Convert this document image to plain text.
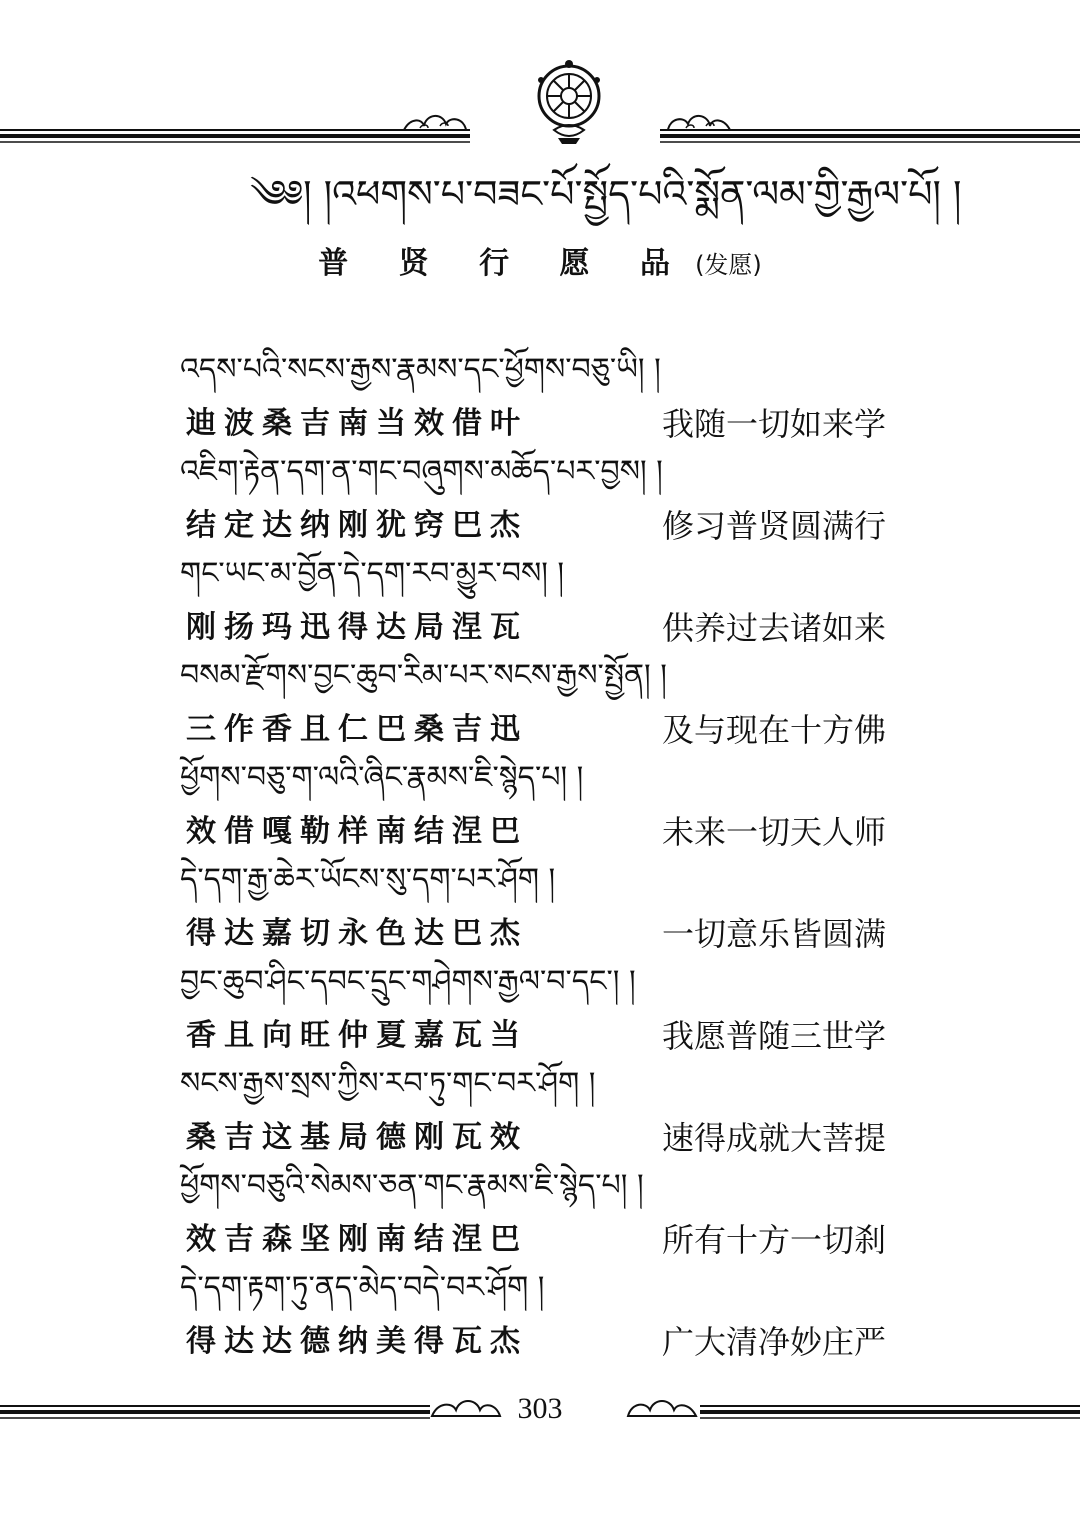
༄༅། །འཕགས་པ་བཟང་པོ་སྤྱོད་པའི་སྨོན་ལམ་གྱི་རྒྱལ་པོ། །
普 贤 行 愿 品 (发愿)
འདས་པའི་སངས་རྒྱས་རྣམས་དང་ཕྱོགས་བཅུ་ཡི། །
迪波桑吉南当效借叶	我随一切如来学
འཇིག་རྟེན་དག་ན་གང་བཞུགས་མཆོད་པར་བྱས། །
结定达纳刚犹窍巴杰	修习普贤圆满行
གང་ཡང་མ་བྱོན་དེ་དག་རབ་མྱུར་བས། །
刚扬玛迅得达局涅瓦	供养过去诸如来
བསམ་རྫོགས་བྱང་ཆུབ་རིམ་པར་སངས་རྒྱས་སྤྱོན། །
三作香且仁巴桑吉迅	及与现在十方佛
ཕྱོགས་བཅུ་ག་ལའི་ཞིང་རྣམས་ཇི་སྙེད་པ། །
效借嘎勒样南结涅巴	未来一切天人师
དེ་དག་རྒྱ་ཆེར་ཡོངས་སུ་དག་པར་ཤོག །
得达嘉切永色达巴杰	一切意乐皆圆满
བྱང་ཆུབ་ཤིང་དབང་དྲུང་གཤེགས་རྒྱལ་བ་དང་། །
香且向旺仲夏嘉瓦当	我愿普随三世学
སངས་རྒྱས་སྲས་ཀྱིས་རབ་ཏུ་གང་བར་ཤོག །
桑吉这基局德刚瓦效	速得成就大菩提
ཕྱོགས་བཅུའི་སེམས་ཅན་གང་རྣམས་ཇི་སྙེད་པ། །
效吉森坚刚南结涅巴	所有十方一切刹
དེ་དག་རྟག་ཏུ་ནད་མེད་བདེ་བར་ཤོག །
得达达德纳美得瓦杰	广大清净妙庄严
303
